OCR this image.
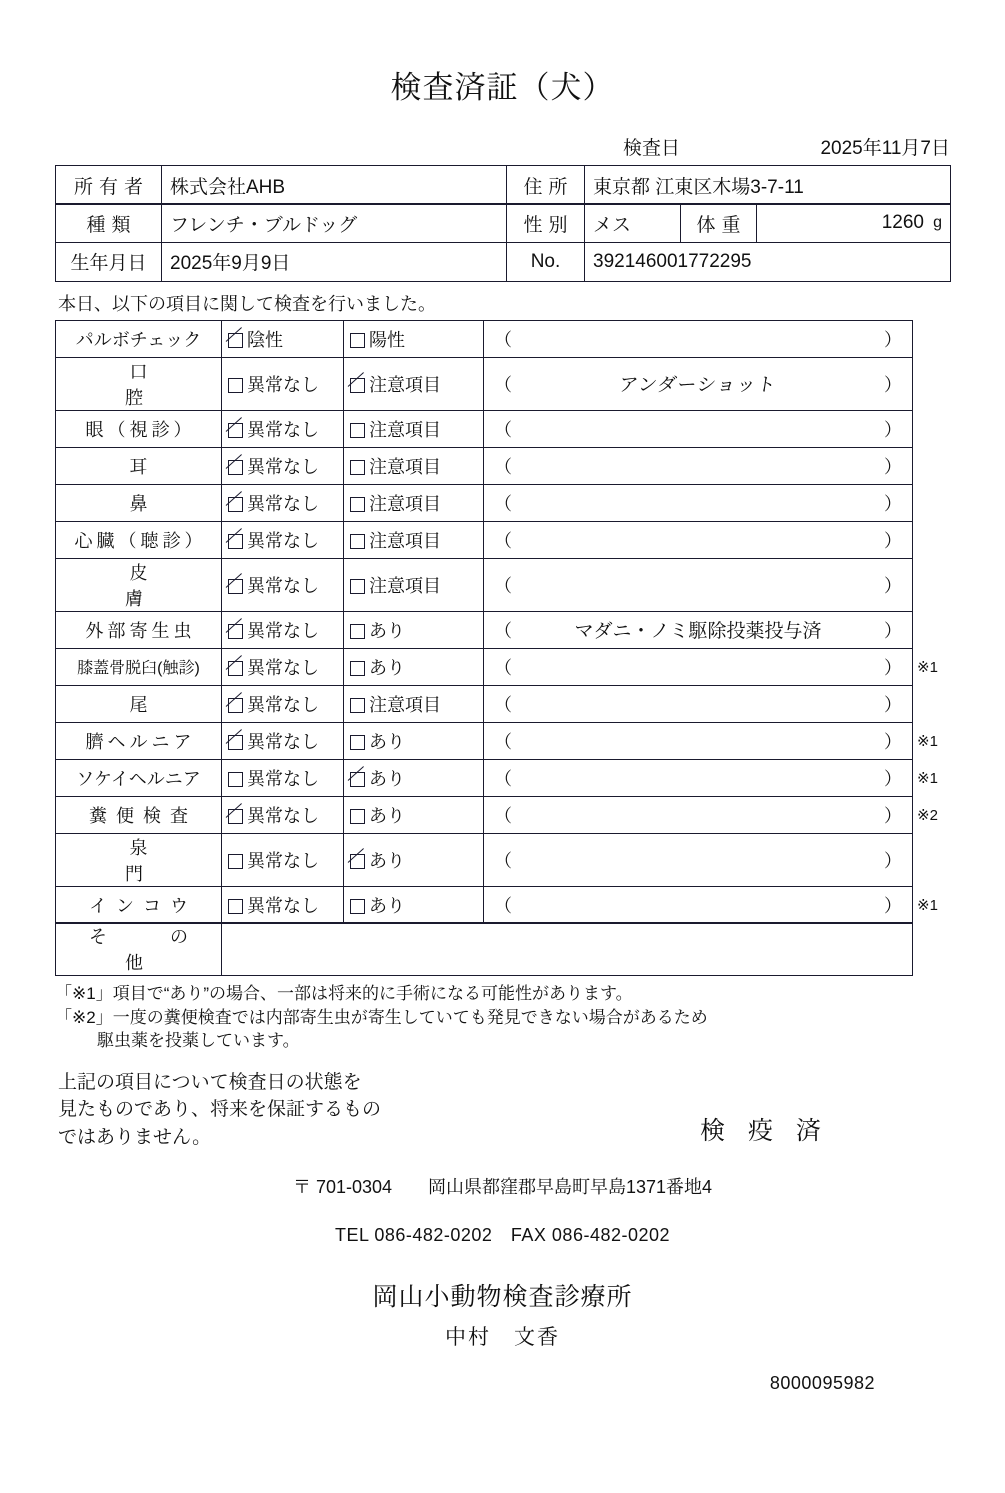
検査済証（犬）
検査日	2025年11月7日
所有者	株式会社AHB	住所	東京都 江東区木場3-7-11
種類	フレンチ・ブルドッグ	性別	メス	体重	1260 g
生年月日	2025年9月9日	No.	392146001772295
本日、以下の項目に関して検査を行いました。
パルボチェック	陰性	陽性	（ ）	

口　　　　腔	異常なし	注意項目	（ アンダーショット ）	

眼（視診）	異常なし	注意項目	（ ）	

耳	異常なし	注意項目	（ ）	

鼻	異常なし	注意項目	（ ）	

心臓（聴診）	異常なし	注意項目	（ ）	

皮　　　　膚	異常なし	注意項目	（ ）	

外部寄生虫	異常なし	あり	（ マダニ・ノミ駆除投薬投与済 ）	

膝蓋骨脱臼(触診)	異常なし	あり	（ ）	※1
尾	異常なし	注意項目	（ ）	

臍ヘルニア	異常なし	あり	（ ）	※1
ソケイヘルニア	異常なし	あり	（ ）	※1
糞便検査	異常なし	あり	（ ）	※2
泉　　　　門	異常なし	あり	（ ）	

インコウ	異常なし	あり	（ ）	※1
そ　　の　　他		
「※1」項目で“あり”の場合、一部は将来的に手術になる可能性があります。
「※2」一度の糞便検査では内部寄生虫が寄生していても発見できない場合があるため
駆虫薬を投薬しています。
上記の項目について検査日の状態を
見たものであり、将来を保証するもの
ではありません。	検 疫 済
〒 701-0304　　岡山県都窪郡早島町早島1371番地4
TEL 086-482-0202　FAX 086-482-0202
岡山小動物検査診療所
中村　文香
8000095982
